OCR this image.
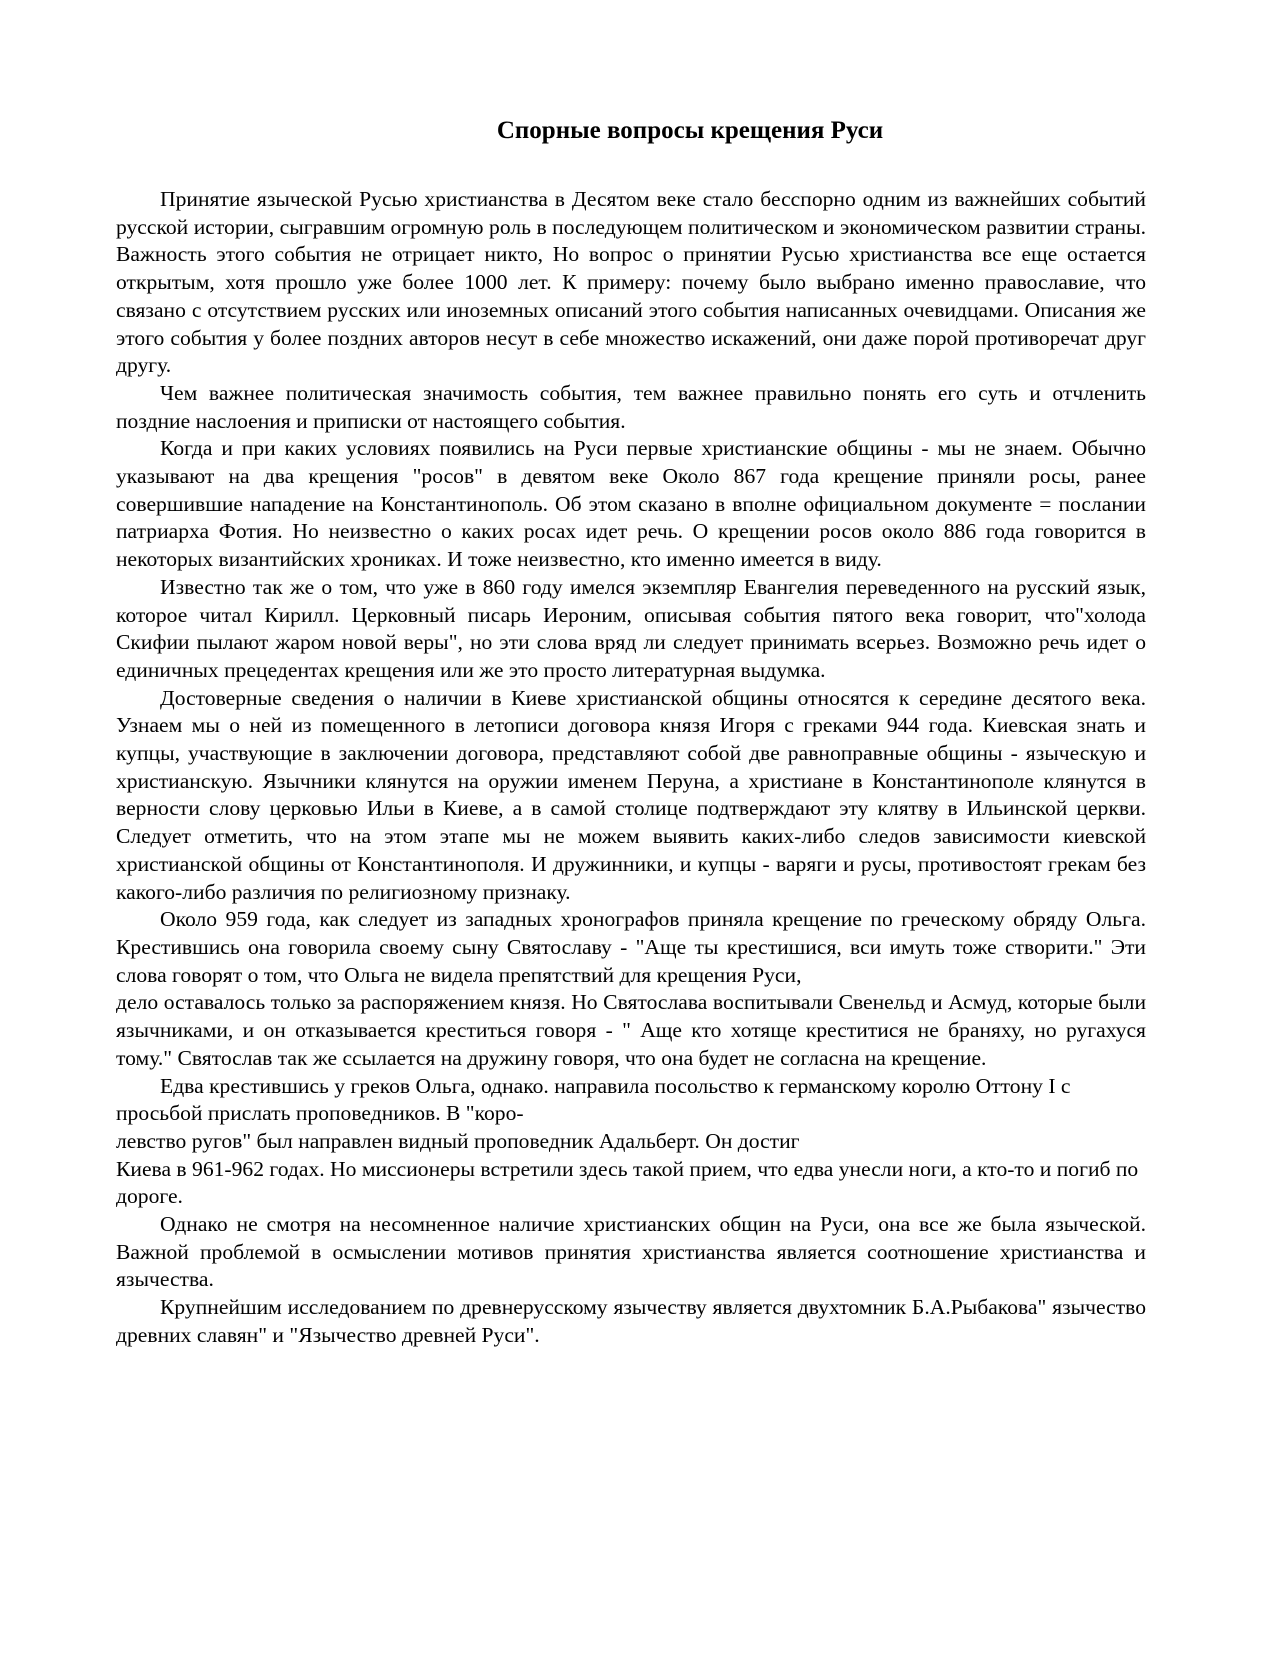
Спорные вопросы крещения Руси

Принятие языческой Русью христианства в Десятом веке стало бесспорно одним из важнейших событий русской истории, сыгравшим огромную роль в последующем политическом и экономическом развитии страны. Важность этого события не отрицает никто, Но вопрос о принятии Русью христианства все еще остается открытым, хотя прошло уже более 1000 лет. К примеру: почему было выбрано именно православие, что связано с отсутствием русских или иноземных описаний этого события написанных очевидцами. Описания же этого события у более поздних авторов несут в себе множество искажений, они даже порой противоречат друг другу.

Чем важнее политическая значимость события, тем важнее правильно понять его суть и отчленить поздние наслоения и приписки от настоящего события.

Когда и при каких условиях появились на Руси первые христианские общины - мы не знаем. Обычно указывают на два крещения "росов" в девятом веке Около 867 года крещение приняли росы, ранее совершившие нападение на Константинополь. Об этом сказано в вполне официальном документе = послании патриарха Фотия. Но неизвестно о каких росах идет речь. О крещении росов около 886 года говорится в некоторых византийских хрониках. И тоже неизвестно, кто именно имеется в виду.

Известно так же о том, что уже в 860 году имелся экземпляр Евангелия переведенного на русский язык, которое читал Кирилл. Церковный писарь Иероним, описывая события пятого века говорит, что"холода Скифии пылают жаром новой веры", но эти слова вряд ли следует принимать всерьез. Возможно речь идет о единичных прецедентах крещения или же это просто литературная выдумка.

Достоверные сведения о наличии в Киеве христианской общины относятся к середине десятого века. Узнаем мы о ней из помещенного в летописи договора князя Игоря с греками 944 года. Киевская знать и купцы, участвующие в заключении договора, представляют собой две равноправные общины - языческую и христианскую. Язычники клянутся на оружии именем Перуна, а христиане в Константинополе клянутся в верности слову церковью Ильи в Киеве, а в самой столице подтверждают эту клятву в Ильинской церкви. Следует отметить, что на этом этапе мы не можем выявить каких-либо следов зависимости киевской христианской общины от Константинополя. И дружинники, и купцы - варяги и русы, противостоят грекам без какого-либо различия по религиозному признаку.

Около 959 года, как следует из западных хронографов приняла крещение по греческому обряду Ольга. Крестившись она говорила своему сыну Святославу - "Аще ты крестишися, вси имуть тоже створити." Эти слова говорят о том, что Ольга не видела препятствий для крещения Руси,

дело оставалось только за распоряжением князя. Но Святослава воспитывали Свенельд и Асмуд, которые были язычниками, и он отказывается креститься говоря - " Аще кто хотяще креститися не браняху, но ругахуся тому." Святослав так же ссылается на дружину говоря, что она будет не согласна на крещение.

Едва крестившись у греков Ольга, однако. направила посольство к германскому королю Оттону I с просьбой прислать проповедников. В "коро-

левство ругов" был направлен видный проповедник Адальберт. Он достиг

Киева в 961-962 годах. Но миссионеры встретили здесь такой прием, что едва унесли ноги, а кто-то и погиб по дороге.

Однако не смотря на несомненное наличие христианских общин на Руси, она все же была языческой. Важной проблемой в осмыслении мотивов принятия христианства является соотношение христианства и язычества.

Крупнейшим исследованием по древнерусскому язычеству является двухтомник Б.А.Рыбакова" язычество древних славян" и "Язычество древней Руси".
